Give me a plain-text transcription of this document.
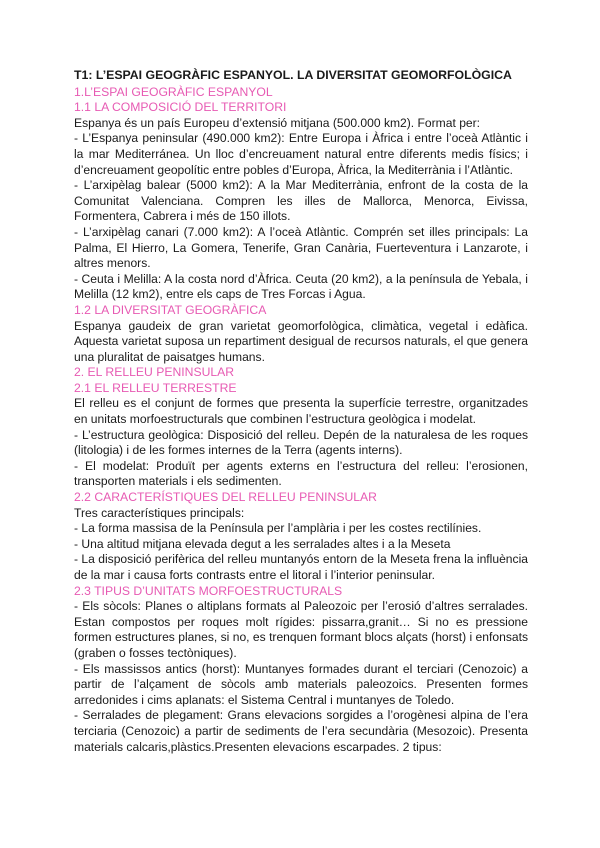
T1: L’ESPAI GEOGRÀFIC ESPANYOL. LA DIVERSITAT GEOMORFOLÒGICA
1.L’ESPAI GEOGRÀFIC ESPANYOL
1.1 LA COMPOSICIÓ DEL TERRITORI

Espanya és un país Europeu d’extensió mitjana (500.000 km2). Format per:

- L’Espanya peninsular (490.000 km2): Entre Europa i Àfrica i entre l’oceà Atlàntic i la mar Mediterránea. Un lloc d’encreuament natural entre diferents medis físics; i d’encreuament geopolític entre pobles d’Europa, Àfrica, la Mediterrània i l’Atlàntic.

- L’arxipèlag balear (5000 km2): A la Mar Mediterrània, enfront de la costa de la Comunitat Valenciana. Compren les illes de Mallorca, Menorca, Eivissa, Formentera, Cabrera i més de 150 illots.

- L’arxipèlag canari (7.000 km2): A l’oceà Atlàntic. Comprén set illes principals: La Palma, El Hierro, La Gomera, Tenerife, Gran Canària, Fuerteventura i Lanzarote, i altres menors.

- Ceuta i Melilla: A la costa nord d’Àfrica. Ceuta (20 km2), a la península de Yebala, i Melilla (12 km2), entre els caps de Tres Forcas i Agua.

1.2 LA DIVERSITAT GEOGRÀFICA

Espanya gaudeix de gran varietat geomorfològica, climàtica, vegetal i edàfica. Aquesta varietat suposa un repartiment desigual de recursos naturals, el que genera una pluralitat de paisatges humans.

2. EL RELLEU PENINSULAR
2.1 EL RELLEU TERRESTRE

El relleu es el conjunt de formes que presenta la superfície terrestre, organitzades en unitats morfoestructurals que combinen l’estructura geològica i modelat.

- L’estructura geològica: Disposició del relleu. Depén de la naturalesa de les roques (litologia) i de les formes internes de la Terra (agents interns).

- El modelat: Produït per agents externs en l’estructura del relleu: l’erosionen, transporten materials i els sedimenten.

2.2 CARACTERÍSTIQUES DEL RELLEU PENINSULAR

Tres característiques principals:

- La forma massisa de la Península per l’amplària i per les costes rectilínies.

- Una altitud mitjana elevada degut a les serralades altes i a la Meseta

- La disposició perifèrica del relleu muntanyós entorn de la Meseta frena la influència de la mar i causa forts contrasts entre el litoral i l’interior peninsular.

2.3 TIPUS D’UNITATS MORFOESTRUCTURALS

- Els sòcols: Planes o altiplans formats al Paleozoic per l’erosió d’altres serralades. Estan compostos per roques molt rígides: pissarra,granit… Si no es pressione formen estructures planes, si no, es trenquen formant blocs alçats (horst) i enfonsats (graben o fosses tectòniques).

- Els massissos antics (horst): Muntanyes formades durant el terciari (Cenozoic) a partir de l’alçament de sòcols amb materials paleozoics. Presenten formes arredonides i cims aplanats: el Sistema Central i muntanyes de Toledo.

- Serralades de plegament: Grans elevacions sorgides a l’orogènesi alpina de l’era terciaria (Cenozoic) a partir de sediments de l’era secundària (Mesozoic). Presenta materials calcaris,plàstics.Presenten elevacions escarpades. 2 tipus:
